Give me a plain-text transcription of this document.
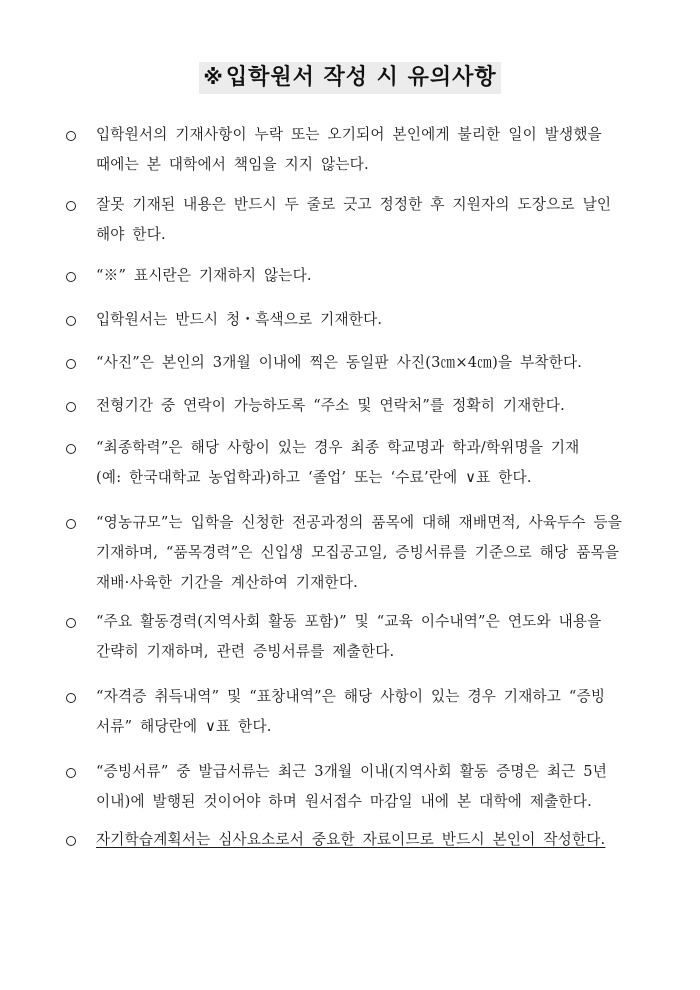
※입학원서 작성 시 유의사항
입학원서의 기재사항이 누락 또는 오기되어 본인에게 불리한 일이 발생했을
때에는 본 대학에서 책임을 지지 않는다.
잘못 기재된 내용은 반드시 두 줄로 긋고 정정한 후 지원자의 도장으로 날인
해야 한다.
“※” 표시란은 기재하지 않는다.
입학원서는 반드시 청・흑색으로 기재한다.
“사진”은 본인의 3개월 이내에 찍은 동일판 사진(3㎝×4㎝)을 부착한다.
전형기간 중 연락이 가능하도록 “주소 및 연락처”를 정확히 기재한다.
“최종학력”은 해당 사항이 있는 경우 최종 학교명과 학과/학위명을 기재
(예: 한국대학교 농업학과)하고 ‘졸업’ 또는 ‘수료’란에 ∨표 한다.
“영농규모”는 입학을 신청한 전공과정의 품목에 대해 재배면적, 사육두수 등을
기재하며, “품목경력”은 신입생 모집공고일, 증빙서류를 기준으로 해당 품목을
재배·사육한 기간을 계산하여 기재한다.
“주요 활동경력(지역사회 활동 포함)” 및 “교육 이수내역”은 연도와 내용을
간략히 기재하며, 관련 증빙서류를 제출한다.
“자격증 취득내역” 및 “표창내역”은 해당 사항이 있는 경우 기재하고 “증빙
서류” 해당란에 ∨표 한다.
“증빙서류” 중 발급서류는 최근 3개월 이내(지역사회 활동 증명은 최근 5년
이내)에 발행된 것이어야 하며 원서접수 마감일 내에 본 대학에 제출한다.
자기학습계획서는 심사요소로서 중요한 자료이므로 반드시 본인이 작성한다.
